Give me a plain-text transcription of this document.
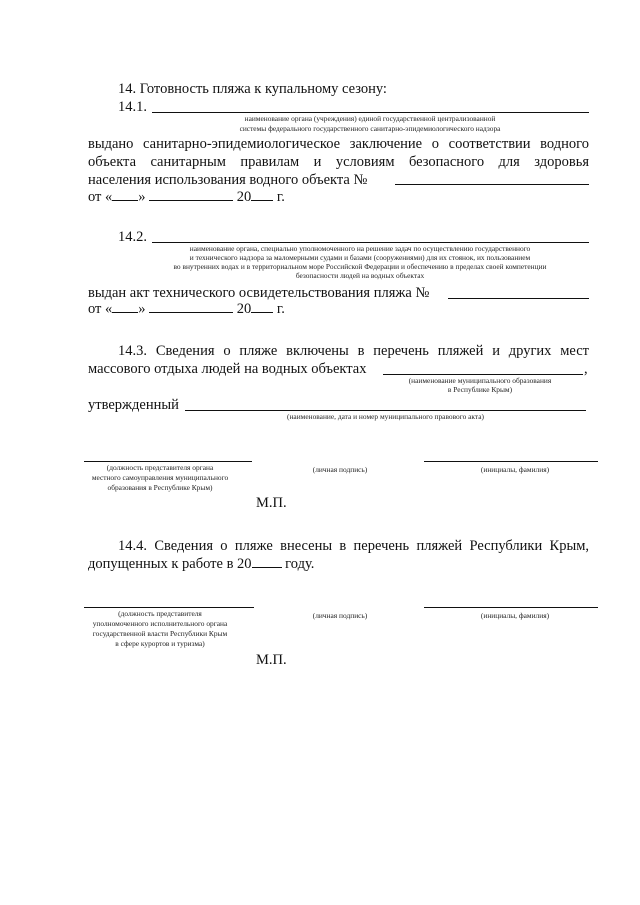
14. Готовность пляжа к купальному сезону:
14.1.
наименование органа (учреждения) единой государственной централизованной
системы федерального государственного санитарно-эпидемиологического надзора
выдано санитарно-эпидемиологическое заключение о соответствии водного
объекта санитарным правилам и условиям безопасного для здоровья
населения использования водного объекта №
от « »	20 г.
14.2.
наименование органа, специально уполномоченного на решение задач по осуществлению государственного
и технического надзора за маломерными судами и базами (сооружениями) для их стоянок, их пользованием
во внутренних водах и в территориальном море Российской Федерации и обеспечению в пределах своей компетенции
безопасности людей на водных объектах
выдан акт технического освидетельствования пляжа №
от « »	20 г.
14.3. Сведения о пляже включены в перечень пляжей и других мест
массового отдыха людей на водных объектах	,
(наименование муниципального образования
в Республике Крым)
утвержденный
(наименование, дата и номер муниципального правового акта)
(должность представителя органа
местного самоуправления муниципального
образования в Республике Крым)
(личная подпись)	(инициалы, фамилия)
М.П.
14.4. Сведения о пляже внесены в перечень пляжей Республики Крым,
допущенных к работе в 20 году.
(должность представителя
уполномоченного исполнительного органа
государственной власти Республики Крым
в сфере курортов и туризма)
(личная подпись)	(инициалы, фамилия)
М.П.
